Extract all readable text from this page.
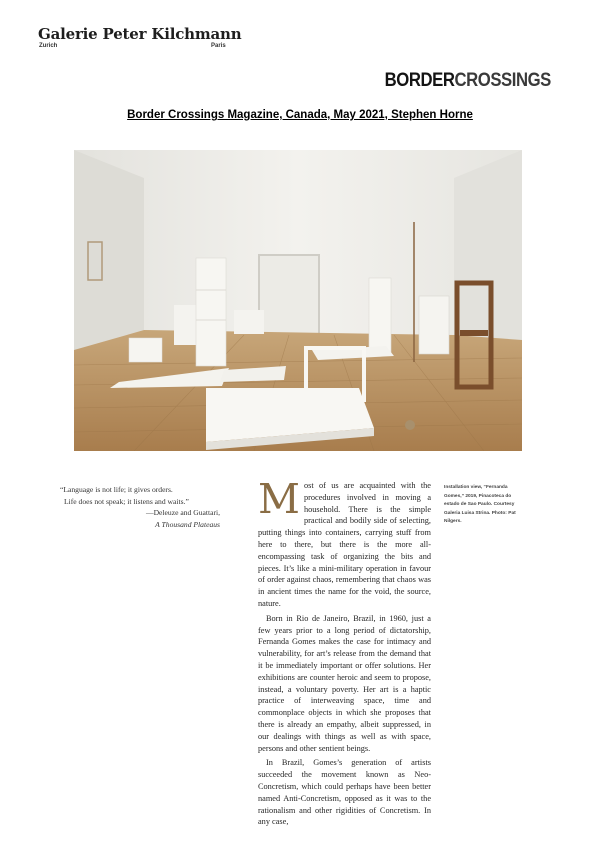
Galerie Peter Kilchmann
Zurich	Paris
BORDERCROSSINGS
Border Crossings Magazine, Canada, May 2021, Stephen Horne
“Language is not life; it gives orders.
Life does not speak; it listens and waits.”
—Deleuze and Guattari,
A Thousand Plateaus

Most of us are acquainted with the procedures involved in moving a household. There is the simple practical and bodily side of selecting, putting things into containers, carrying stuff from here to there, but there is the more all-encompassing task of organizing the bits and pieces. It’s like a mini-military operation in favour of order against chaos, remembering that chaos was in ancient times the name for the void, the source, nature.

Born in Rio de Janeiro, Brazil, in 1960, just a few years prior to a long period of dictatorship, Fernanda Gomes makes the case for intimacy and vulnerability, for art’s release from the demand that it be immediately important or offer solutions. Her exhibitions are counter heroic and seem to propose, instead, a voluntary poverty. Her art is a haptic practice of interweaving space, time and commonplace objects in which she proposes that there is already an empathy, albeit suppressed, in our dealings with things as well as with space, persons and other sentient beings.

In Brazil, Gomes’s generation of artists succeeded the movement known as Neo-Concretism, which could perhaps have been better named Anti-Concretism, opposed as it was to the rationalism and other rigidities of Concretism. In any case,

Installation view, “Fernanda Gomes,” 2019, Pinacoteca do estado de Sao Paulo. Courtesy Galeria Luisa Strina. Photo: Pat Nilgers.
